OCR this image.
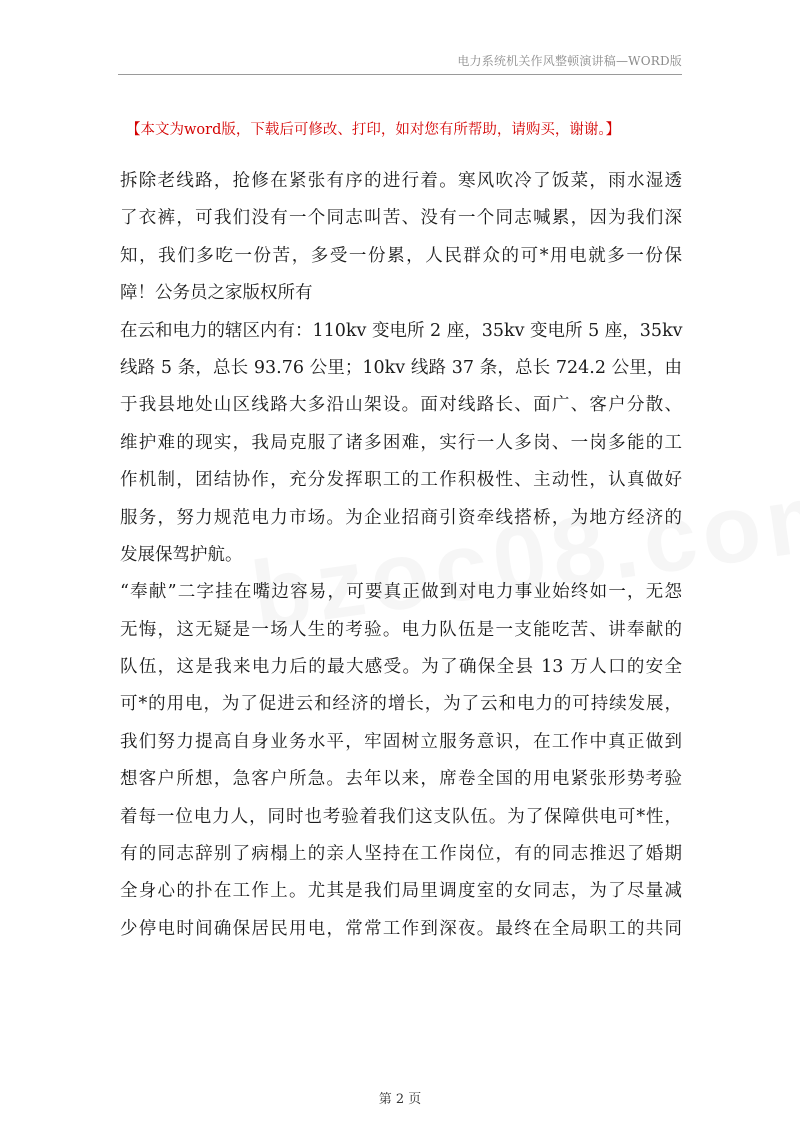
电力系统机关作风整顿演讲稿—WORD版
【本文为word版，下载后可修改、打印，如对您有所帮助，请购买，谢谢。】
拆除老线路，抢修在紧张有序的进行着。寒风吹冷了饭菜，雨水湿透
了衣裤，可我们没有一个同志叫苦、没有一个同志喊累，因为我们深
知，我们多吃一份苦，多受一份累，人民群众的可*用电就多一份保
障！公务员之家版权所有
在云和电力的辖区内有：110kv 变电所 2 座，35kv 变电所 5 座，35kv
线路 5 条，总长 93.76 公里；10kv 线路 37 条，总长 724.2 公里，由
于我县地处山区线路大多沿山架设。面对线路长、面广、客户分散、
维护难的现实，我局克服了诸多困难，实行一人多岗、一岗多能的工
作机制，团结协作，充分发挥职工的工作积极性、主动性，认真做好
服务，努力规范电力市场。为企业招商引资牵线搭桥，为地方经济的
发展保驾护航。
“奉献”二字挂在嘴边容易，可要真正做到对电力事业始终如一，无怨
无悔，这无疑是一场人生的考验。电力队伍是一支能吃苦、讲奉献的
队伍，这是我来电力后的最大感受。为了确保全县 13 万人口的安全
可*的用电，为了促进云和经济的增长，为了云和电力的可持续发展，
我们努力提高自身业务水平，牢固树立服务意识，在工作中真正做到
想客户所想，急客户所急。去年以来，席卷全国的用电紧张形势考验
着每一位电力人，同时也考验着我们这支队伍。为了保障供电可*性，
有的同志辞别了病榻上的亲人坚持在工作岗位，有的同志推迟了婚期
全身心的扑在工作上。尤其是我们局里调度室的女同志，为了尽量减
少停电时间确保居民用电，常常工作到深夜。最终在全局职工的共同
第 2 页
